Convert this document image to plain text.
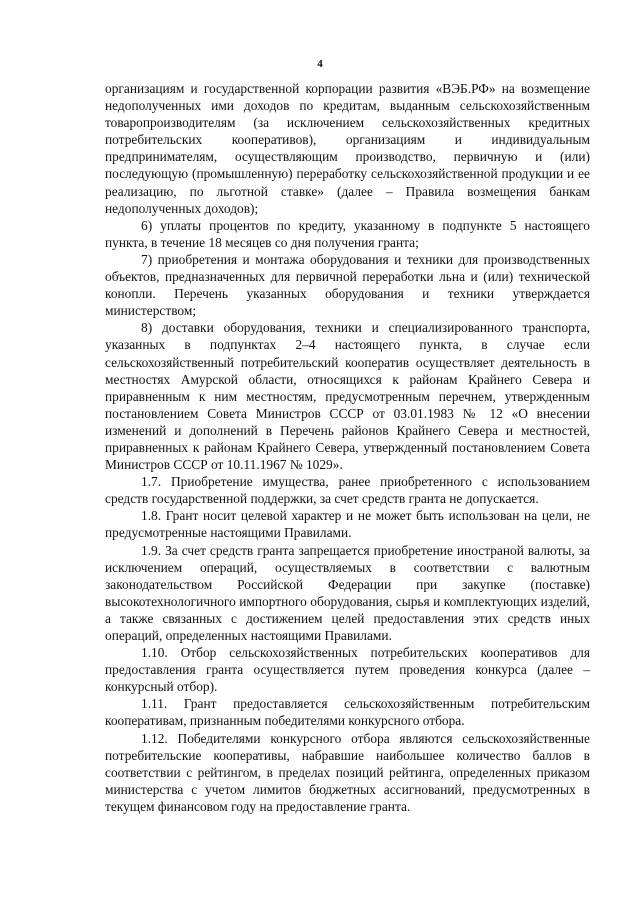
4

организациям и государственной корпорации развития «ВЭБ.РФ» на возмещение недополученных ими доходов по кредитам, выданным сельскохозяйственным товаропроизводителям (за исключением сельскохозяйственных кредитных потребительских кооперативов), организациям и индивидуальным предпринимателям, осуществляющим производство, первичную и (или) последующую (промышленную) переработку сельскохозяйственной продукции и ее реализацию, по льготной ставке» (далее – Правила возмещения банкам недополученных доходов);

6) уплаты процентов по кредиту, указанному в подпункте 5 настоящего пункта, в течение 18 месяцев со дня получения гранта;

7) приобретения и монтажа оборудования и техники для производственных объектов, предназначенных для первичной переработки льна и (или) технической конопли. Перечень указанных оборудования и техники утверждается министерством;

8) доставки оборудования, техники и специализированного транспорта, указанных в подпунктах 2–4 настоящего пункта, в случае если сельскохозяйственный потребительский кооператив осуществляет деятельность в местностях Амурской области, относящихся к районам Крайнего Севера и приравненным к ним местностям, предусмотренным перечнем, утвержденным постановлением Совета Министров СССР от 03.01.1983 № 12 «О внесении изменений и дополнений в Перечень районов Крайнего Севера и местностей, приравненных к районам Крайнего Севера, утвержденный постановлением Совета Министров СССР от 10.11.1967 № 1029».

1.7. Приобретение имущества, ранее приобретенного с использованием средств государственной поддержки, за счет средств гранта не допускается.

1.8. Грант носит целевой характер и не может быть использован на цели, не предусмотренные настоящими Правилами.

1.9. За счет средств гранта запрещается приобретение иностраной валюты, за исключением операций, осуществляемых в соответствии с валютным законодательством Российской Федерации при закупке (поставке) высокотехнологичного импортного оборудования, сырья и комплектующих изделий, а также связанных с достижением целей предоставления этих средств иных операций, определенных настоящими Правилами.

1.10. Отбор сельскохозяйственных потребительских кооперативов для предоставления гранта осуществляется путем проведения конкурса (далее – конкурсный отбор).

1.11. Грант предоставляется сельскохозяйственным потребительским кооперативам, признанным победителями конкурсного отбора.

1.12. Победителями конкурсного отбора являются сельскохозяйственные потребительские кооперативы, набравшие наибольшее количество баллов в соответствии с рейтингом, в пределах позиций рейтинга, определенных приказом министерства с учетом лимитов бюджетных ассигнований, предусмотренных в текущем финансовом году на предоставление гранта.
